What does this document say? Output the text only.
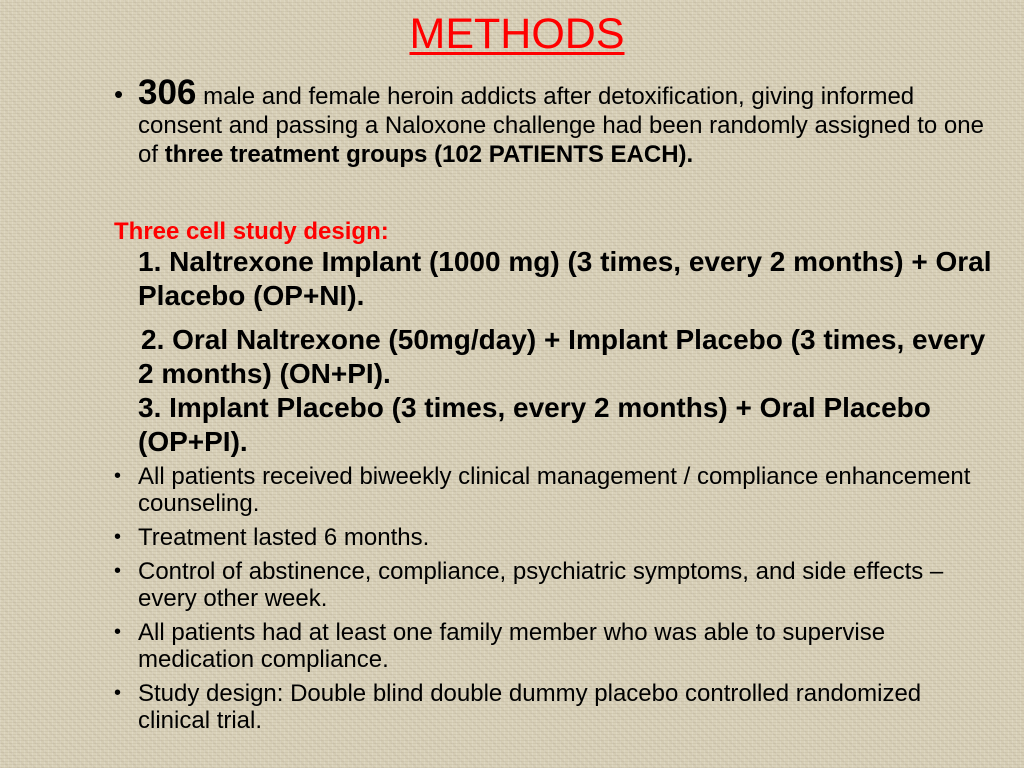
METHODS
• 306 male and female heroin addicts after detoxification, giving informed consent and passing a Naloxone challenge had been randomly assigned to one of three treatment groups (102 PATIENTS EACH).
Three cell study design:
1. Naltrexone Implant (1000 mg) (3 times, every 2 months) + Oral Placebo (OP+NI).
2. Oral Naltrexone (50mg/day) + Implant Placebo (3 times, every 2 months) (ON+PI).
3. Implant Placebo (3 times, every 2 months) + Oral Placebo (OP+PI).
• All patients received biweekly clinical management / compliance enhancement counseling.
• Treatment lasted 6 months.
• Control of abstinence, compliance, psychiatric symptoms, and side effects – every other week.
• All patients had at least one family member who was able to supervise medication compliance.
• Study design: Double blind double dummy placebo controlled randomized clinical trial.
